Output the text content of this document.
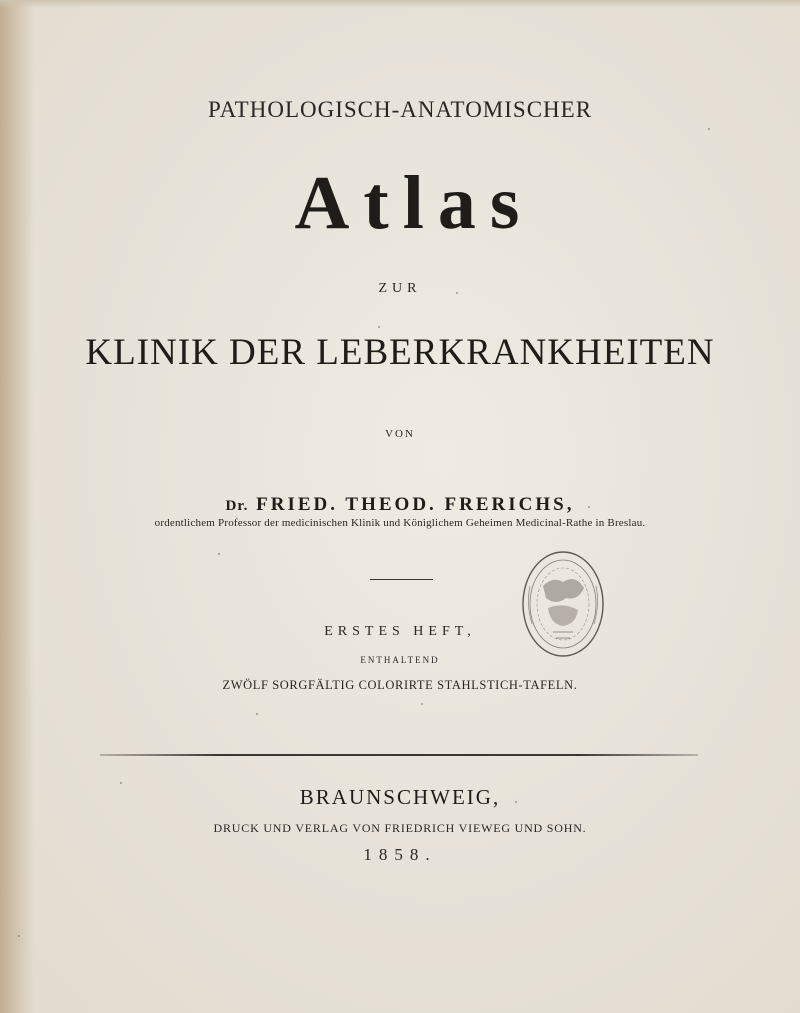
PATHOLOGISCH-ANATOMISCHER
Atlas
ZUR
KLINIK DER LEBERKRANKHEITEN
VON
Dr. FRIED. THEOD. FRERICHS,
ordentlichem Professor der medicinischen Klinik und Königlichem Geheimen Medicinal-Rathe in Breslau.
ERSTES HEFT,
ENTHALTEND
ZWÖLF SORGFÄLTIG COLORIRTE STAHLSTICH-TAFELN.
BRAUNSCHWEIG,
DRUCK UND VERLAG VON FRIEDRICH VIEWEG UND SOHN.
1858.
